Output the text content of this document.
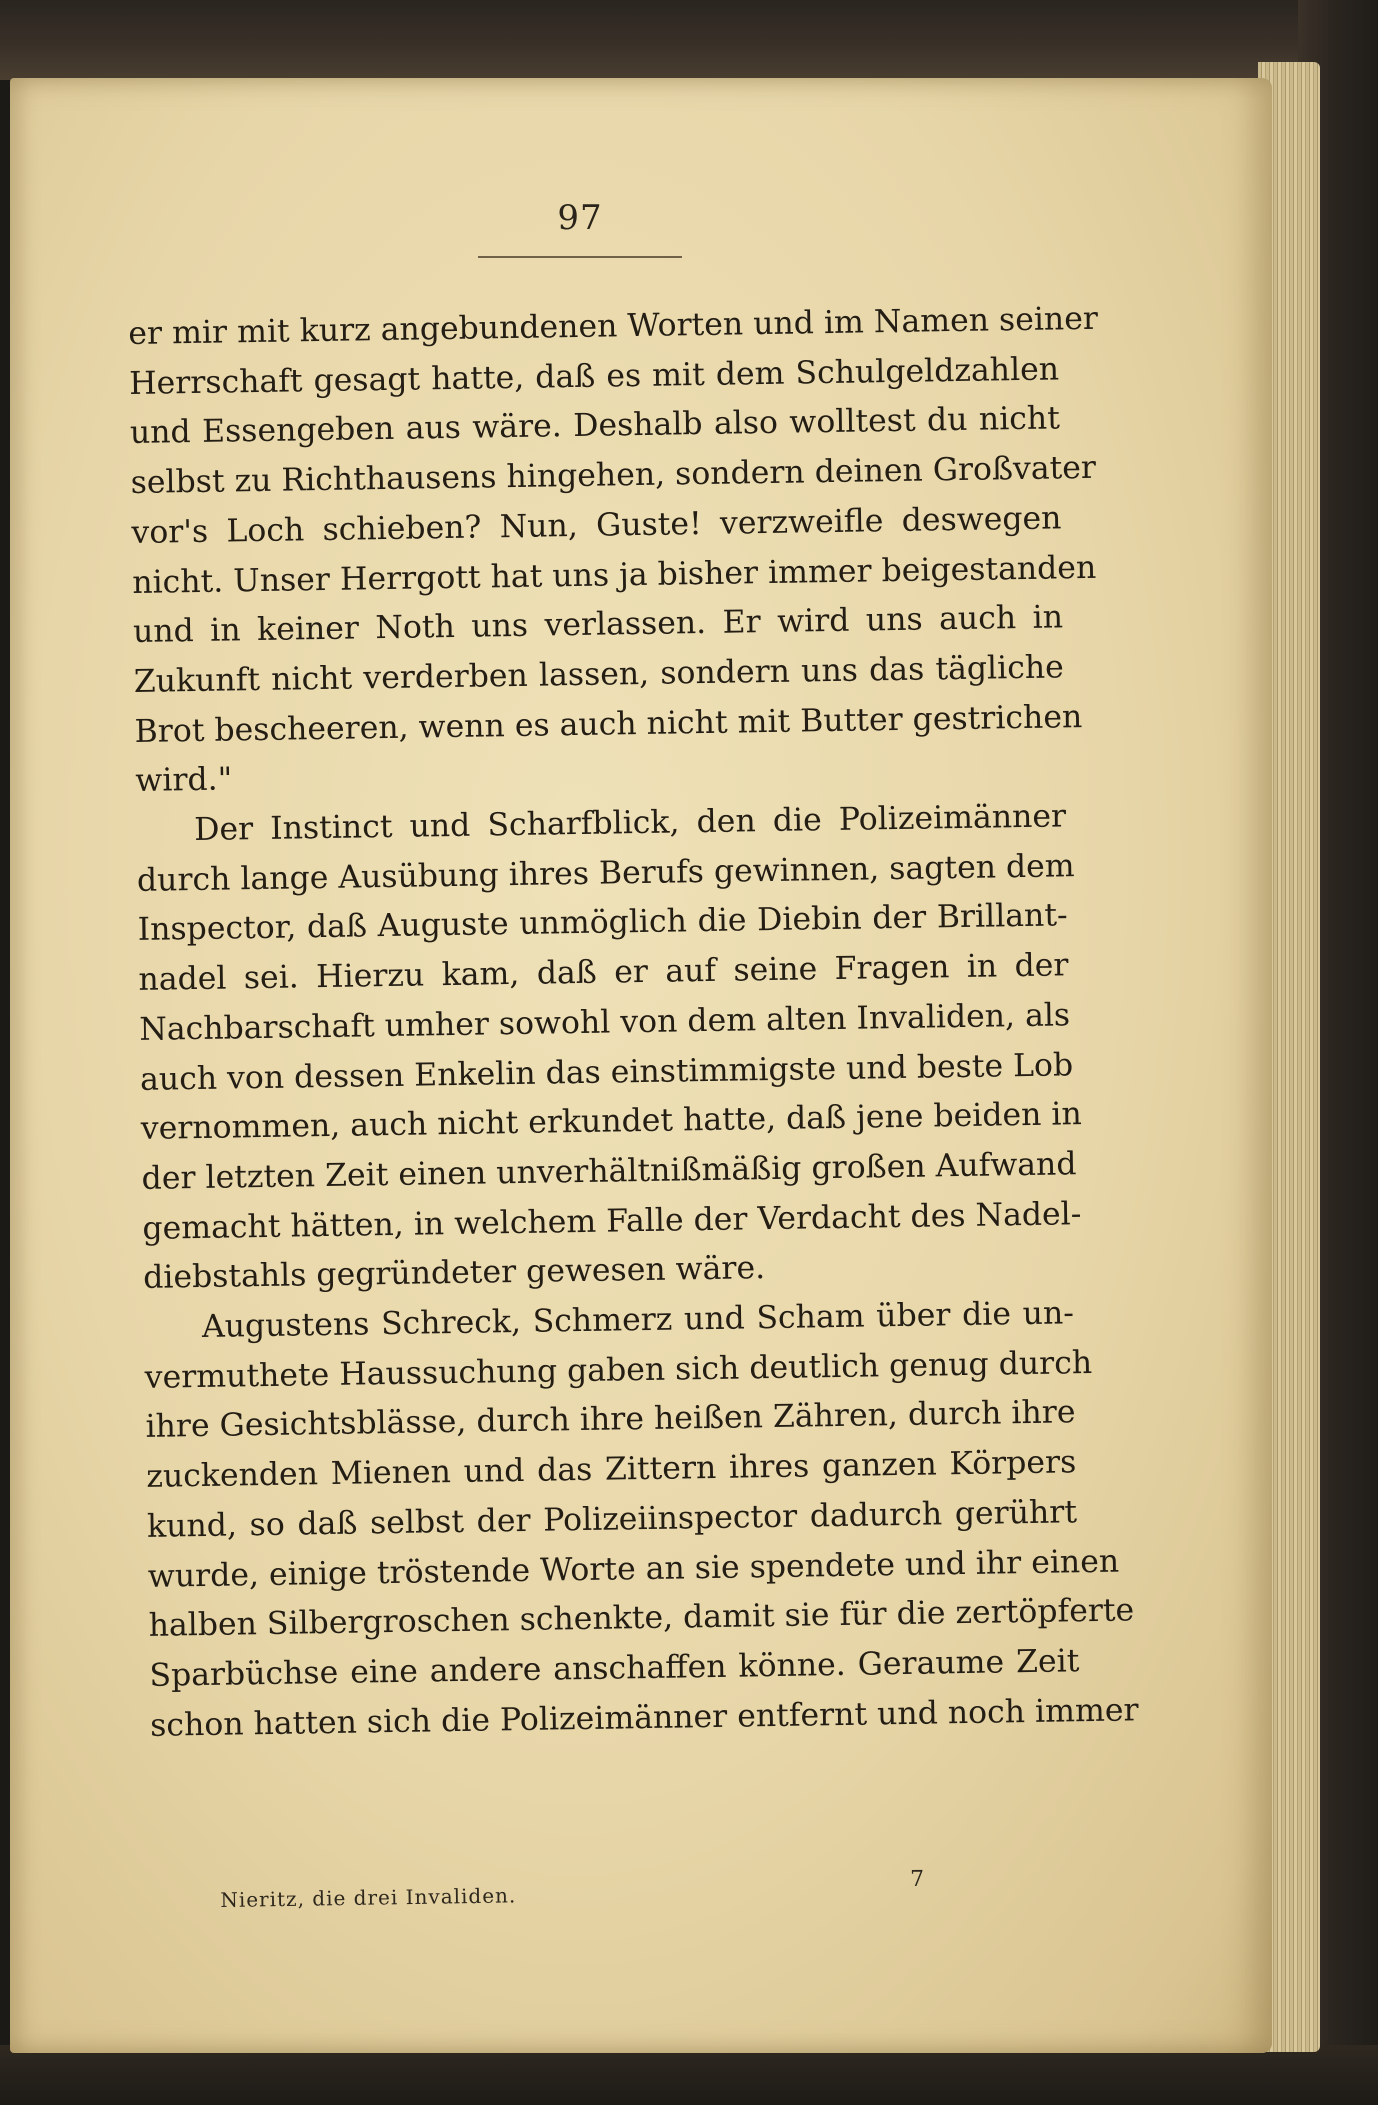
97

er mir mit kurz angebundenen Worten und im Namen seiner
Herrschaft gesagt hatte, daß es mit dem Schulgeldzahlen
und Essengeben aus wäre. Deshalb also wolltest du nicht
selbst zu Richthausens hingehen, sondern deinen Großvater
vor's Loch schieben? Nun, Guste! verzweifle deswegen
nicht. Unser Herrgott hat uns ja bisher immer beigestanden
und in keiner Noth uns verlassen. Er wird uns auch in
Zukunft nicht verderben lassen, sondern uns das tägliche
Brot bescheeren, wenn es auch nicht mit Butter gestrichen
wird."

Der Instinct und Scharfblick, den die Polizeimänner
durch lange Ausübung ihres Berufs gewinnen, sagten dem
Inspector, daß Auguste unmöglich die Diebin der Brillant-
nadel sei. Hierzu kam, daß er auf seine Fragen in der
Nachbarschaft umher sowohl von dem alten Invaliden, als
auch von dessen Enkelin das einstimmigste und beste Lob
vernommen, auch nicht erkundet hatte, daß jene beiden in
der letzten Zeit einen unverhältnißmäßig großen Aufwand
gemacht hätten, in welchem Falle der Verdacht des Nadel-
diebstahls gegründeter gewesen wäre.

Augustens Schreck, Schmerz und Scham über die un-
vermuthete Haussuchung gaben sich deutlich genug durch
ihre Gesichtsblässe, durch ihre heißen Zähren, durch ihre
zuckenden Mienen und das Zittern ihres ganzen Körpers
kund, so daß selbst der Polizeiinspector dadurch gerührt
wurde, einige tröstende Worte an sie spendete und ihr einen
halben Silbergroschen schenkte, damit sie für die zertöpferte
Sparbüchse eine andere anschaffen könne. Geraume Zeit
schon hatten sich die Polizeimänner entfernt und noch immer

Nieritz, die drei Invaliden.
7
